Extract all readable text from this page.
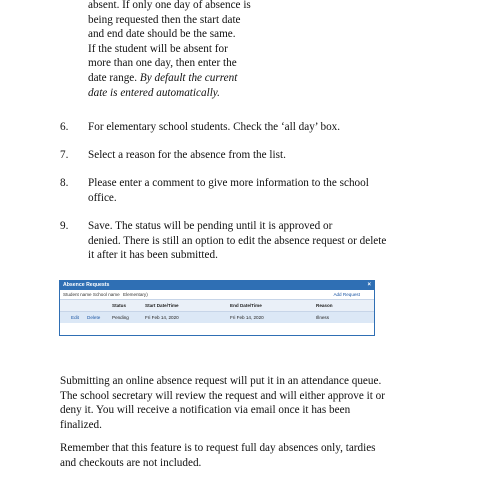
absent. If only one day of absence is
being requested then the start date
and end date should be the same.
If the student will be absent for
more than one day, then enter the
date range. By default the current
date is entered automatically.
6. For elementary school students. Check the ‘all day’ box.
7. Select a reason for the absence from the list.
8. Please enter a comment to give more information to the school
office.
9. Save. The status will be pending until it is approved or
denied. There is still an option to edit the absence request or delete
it after it has been submitted.
Absence Requests	×
Student name School name Elementary)	Add Request
Status	Start Date/Time	End Date/Time	Reason
Edit Delete	Pending	Fri Feb 14, 2020	Fri Feb 14, 2020	Illness
Submitting an online absence request will put it in an attendance queue.
The school secretary will review the request and will either approve it or
deny it. You will receive a notification via email once it has been
finalized.
Remember that this feature is to request full day absences only, tardies
and checkouts are not included.
